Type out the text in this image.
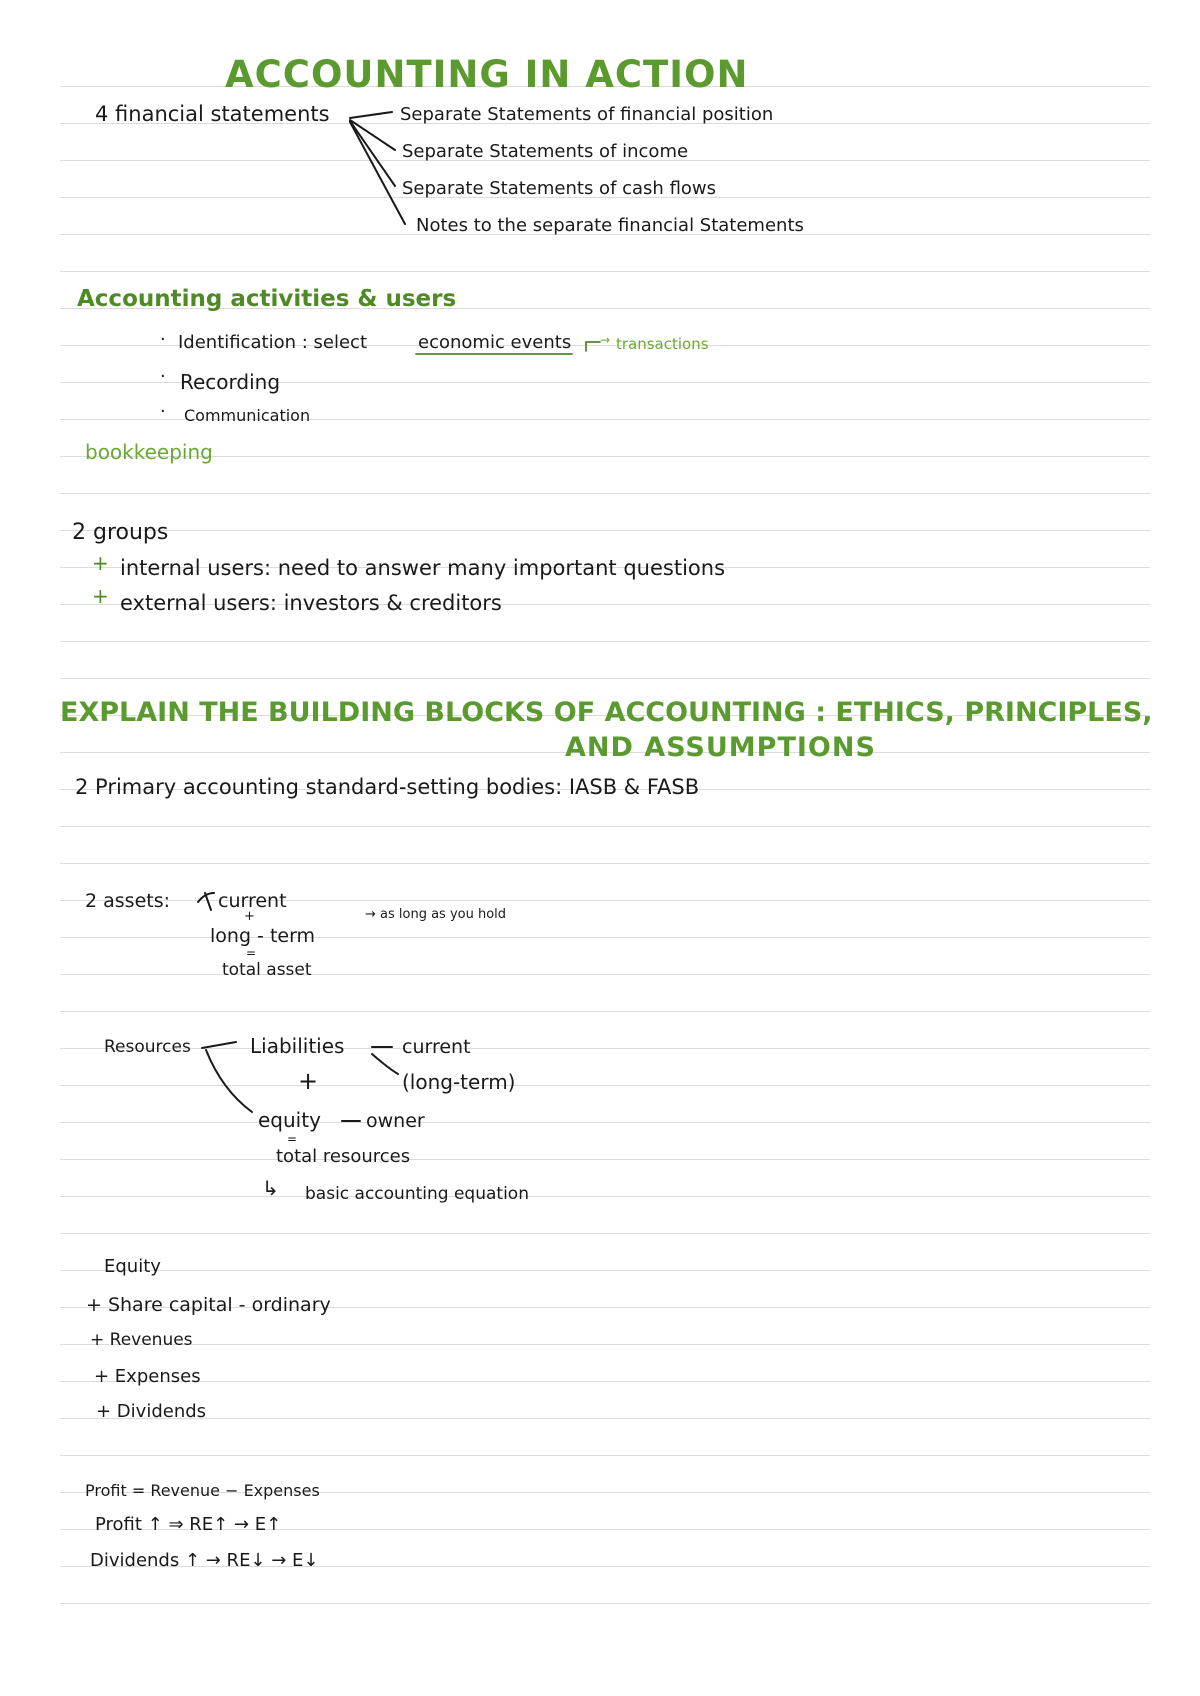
ACCOUNTING IN ACTION
4 financial statements	Separate Statements of financial position
Separate Statements of income
Separate Statements of cash flows
Notes to the separate financial Statements
Accounting activities & users
· Identification : select	economic events → transactions
· Recording
· Communication
bookkeeping
2 groups
+ internal users: need to answer many important questions
+ external users: investors & creditors
EXPLAIN THE BUILDING BLOCKS OF ACCOUNTING : ETHICS, PRINCIPLES,
AND ASSUMPTIONS
2 Primary accounting standard-setting bodies: IASB & FASB
2 assets:	current
+
long - term
=
total asset
→ as long as you hold
Resources	Liabilities	current
(long-term)
+
equity owner
=
total resources
↳ basic accounting equation
Equity
+ Share capital - ordinary
+ Revenues
+ Expenses
+ Dividends
Profit = Revenue − Expenses
Profit ↑ ⇒ RE↑ → E↑
Dividends ↑ → RE↓ → E↓
